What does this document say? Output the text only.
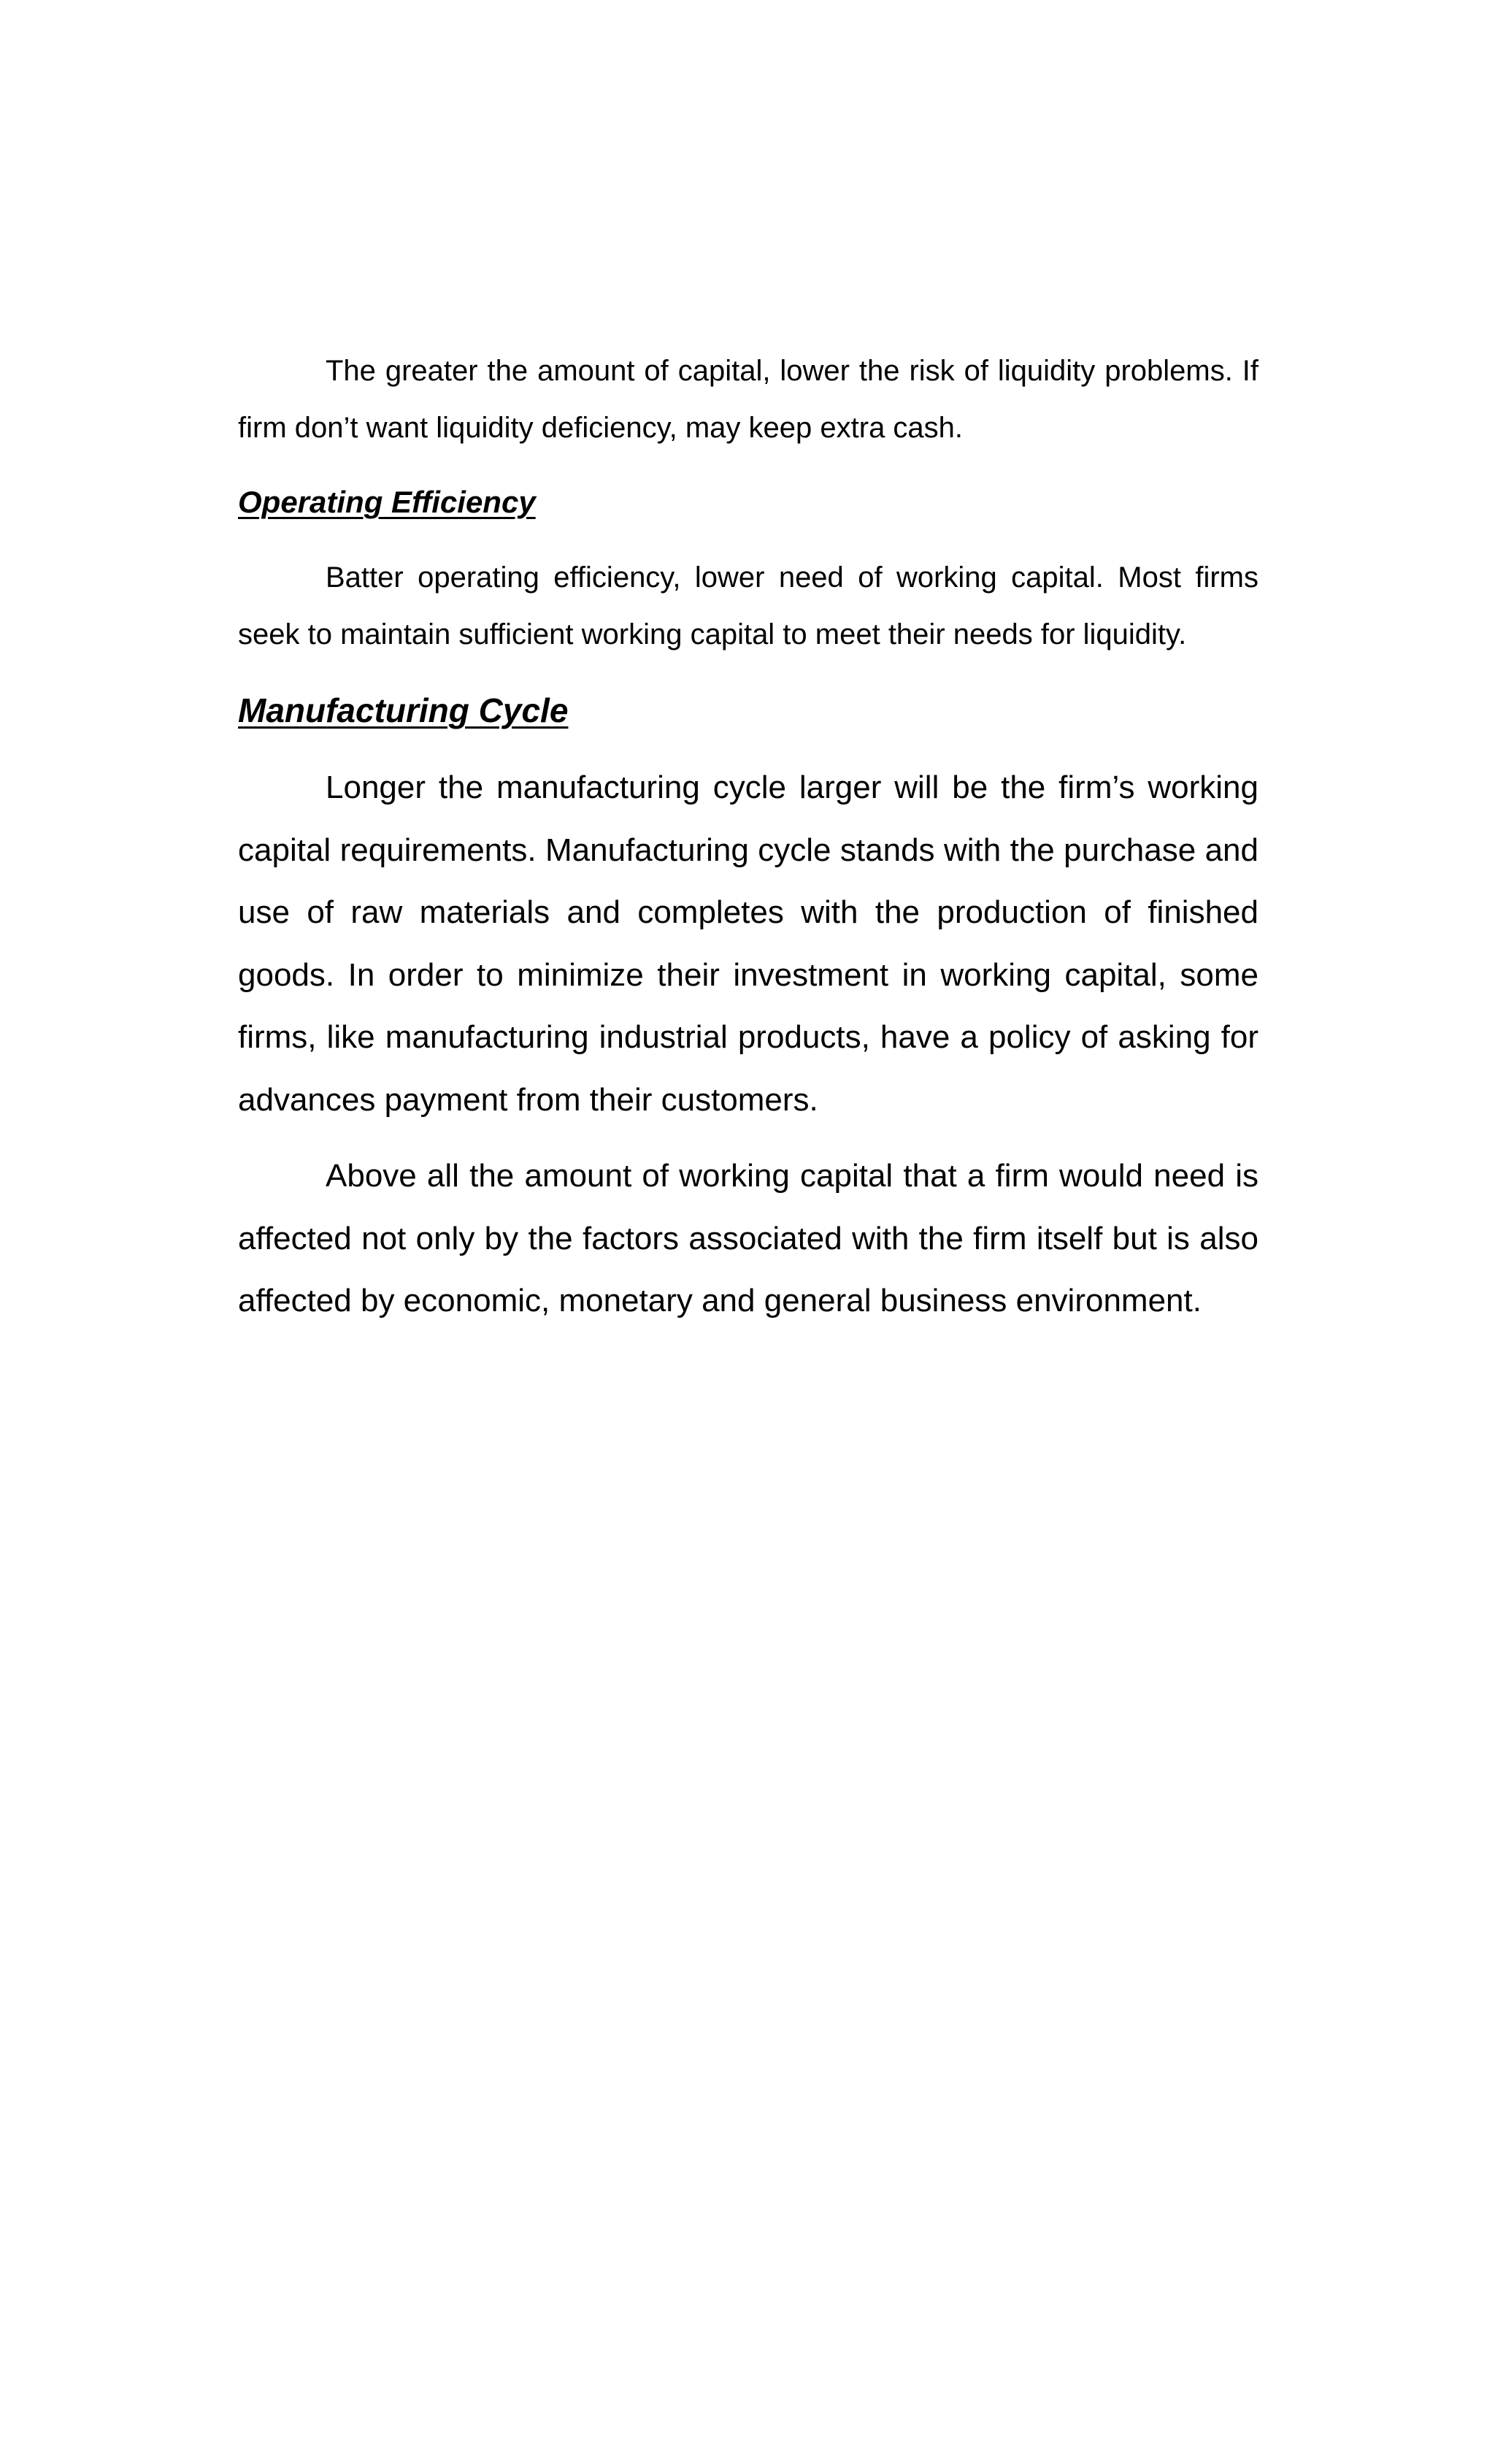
The greater the amount of capital, lower the risk of liquidity problems. If firm don’t want liquidity deficiency, may keep extra cash.

Operating Efficiency

Batter operating efficiency, lower need of working capital. Most firms seek to maintain sufficient working capital to meet their needs for liquidity.

Manufacturing Cycle

Longer the manufacturing cycle larger will be the firm’s working capital requirements. Manufacturing cycle stands with the purchase and use of raw materials and completes with the production of finished goods. In order to minimize their investment in working capital, some firms, like manufacturing industrial products, have a policy of asking for advances payment from their customers.

Above all the amount of working capital that a firm would need is affected not only by the factors associated with the firm itself but is also affected by economic, monetary and general business environment.
